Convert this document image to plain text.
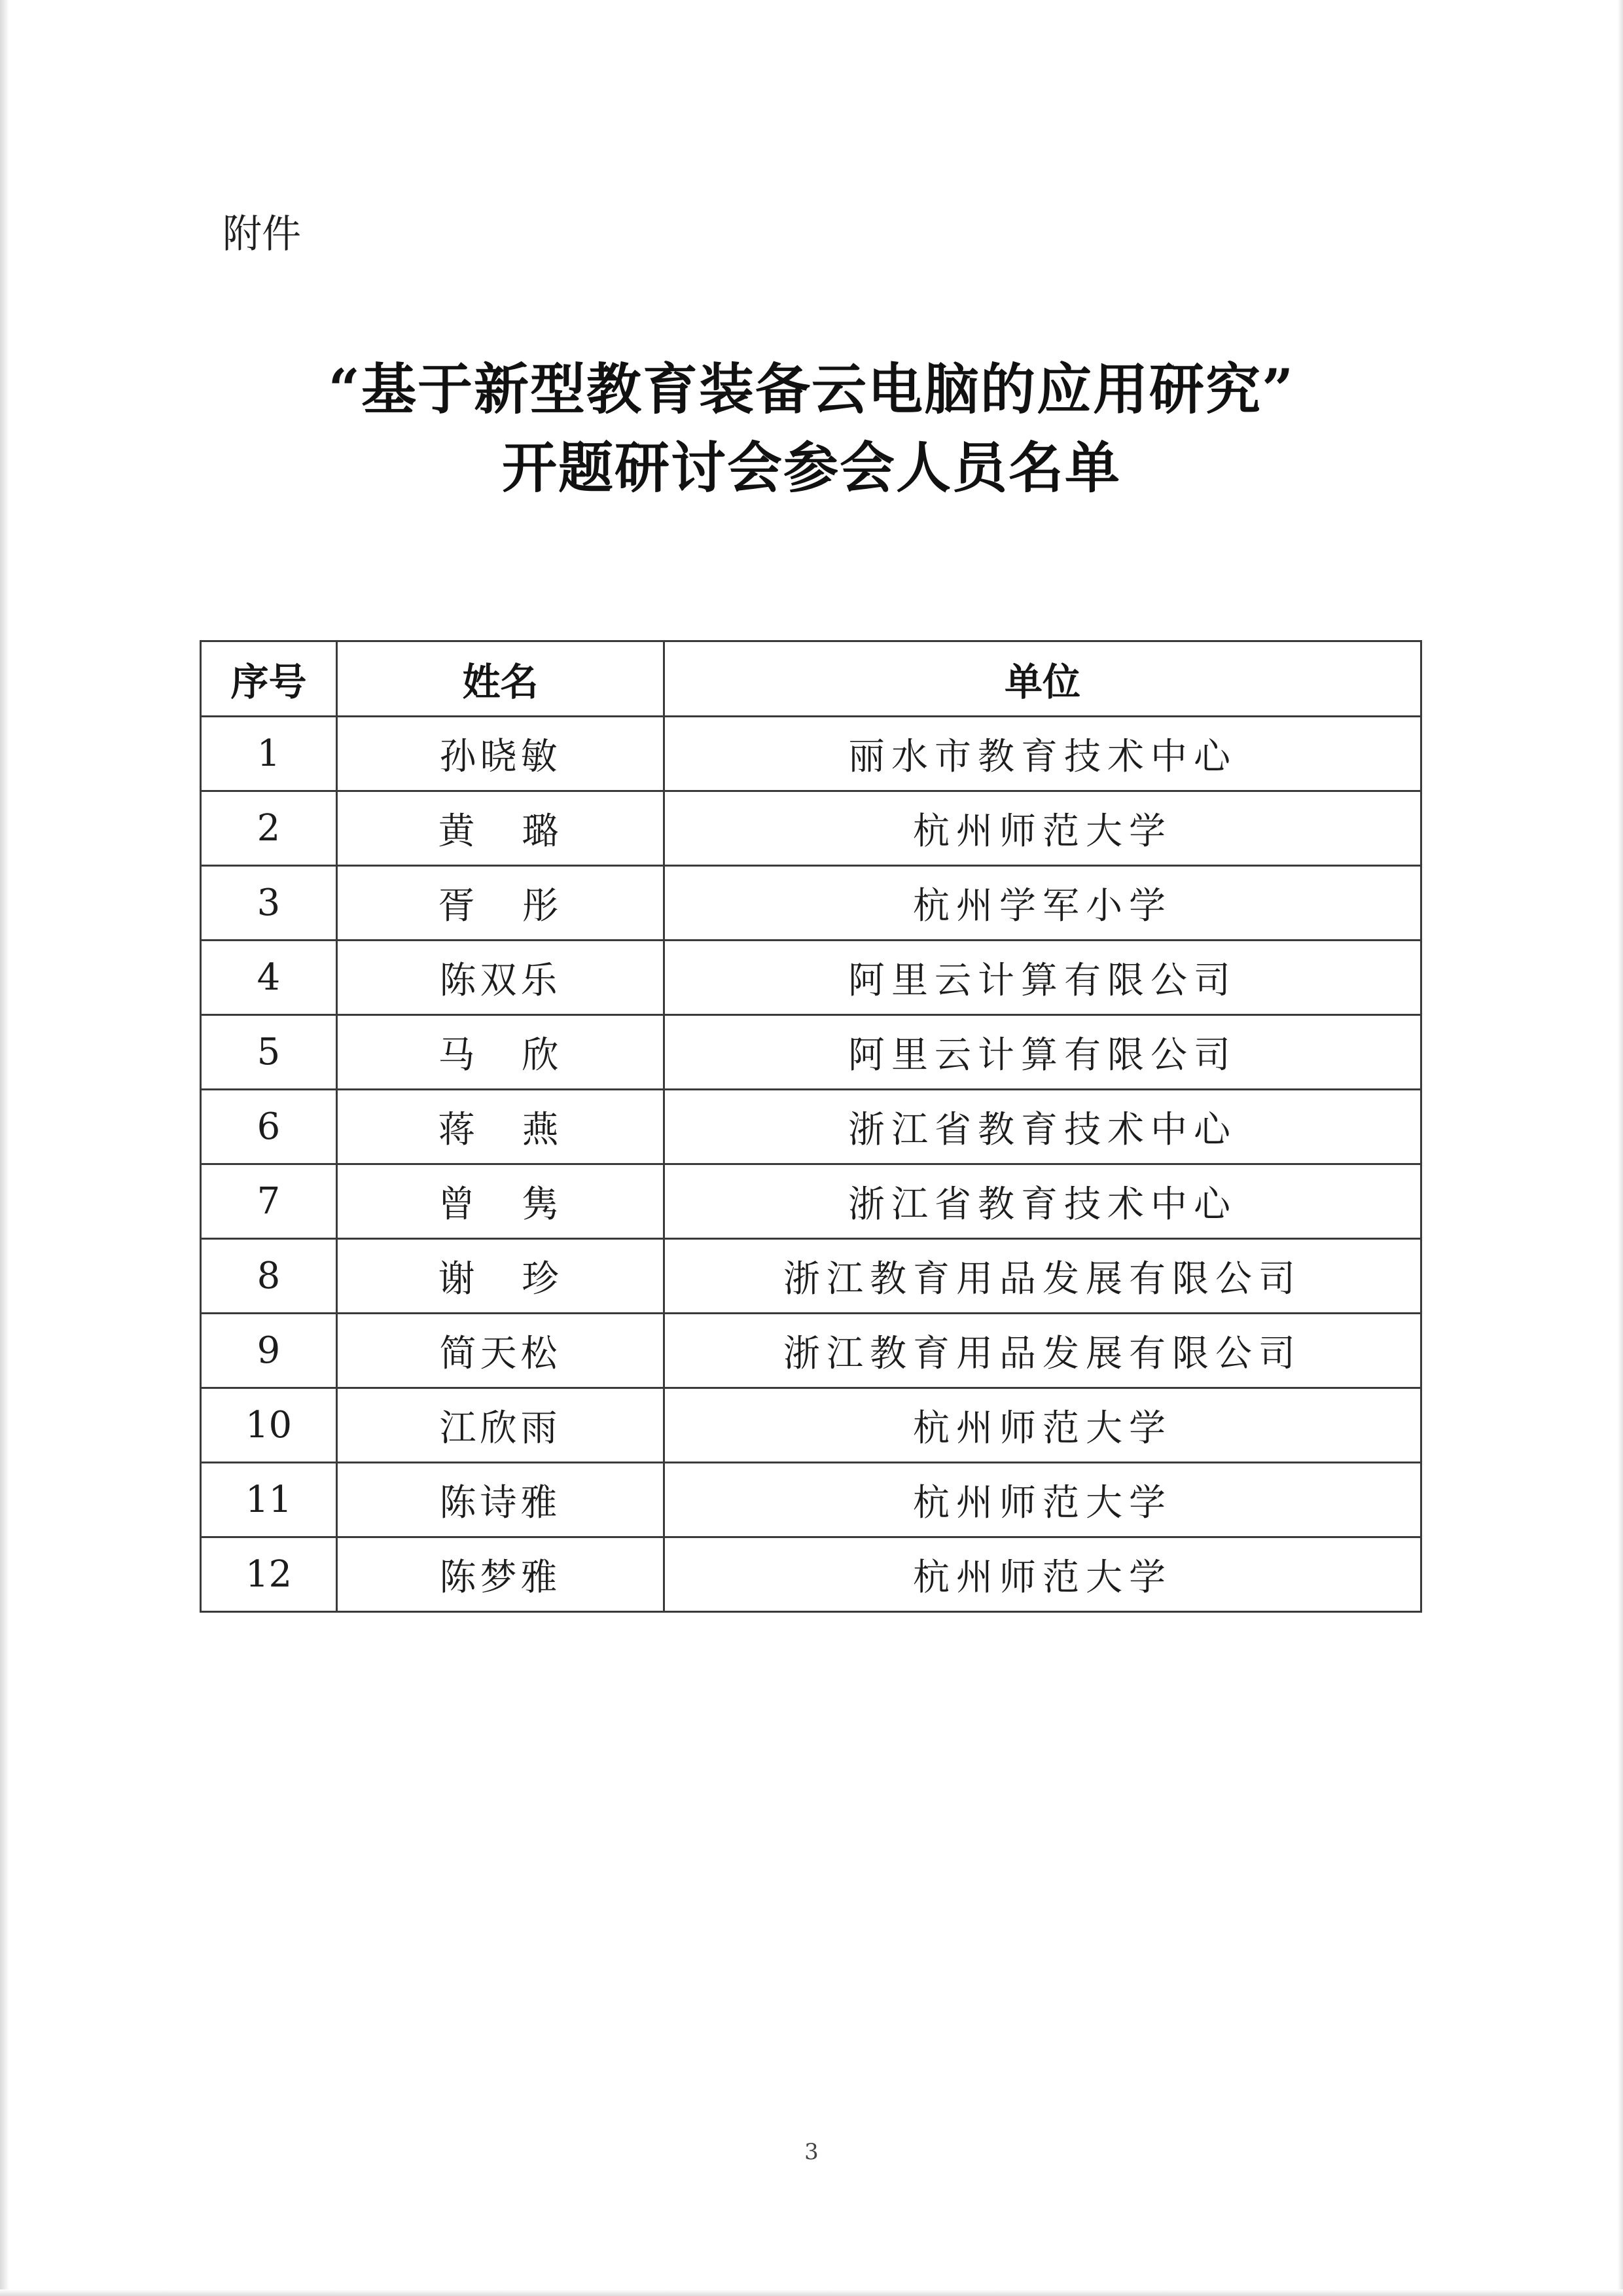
附件
“基于新型教育装备云电脑的应用研究”
开题研讨会参会人员名单
序号	姓名	单位
1	孙晓敏	丽水市教育技术中心
2	黄 璐	杭州师范大学
3	胥 彤	杭州学军小学
4	陈双乐	阿里云计算有限公司
5	马 欣	阿里云计算有限公司
6	蒋 燕	浙江省教育技术中心
7	曾 隽	浙江省教育技术中心
8	谢 珍	浙江教育用品发展有限公司
9	简天松	浙江教育用品发展有限公司
10	江欣雨	杭州师范大学
11	陈诗雅	杭州师范大学
12	陈梦雅	杭州师范大学
3
